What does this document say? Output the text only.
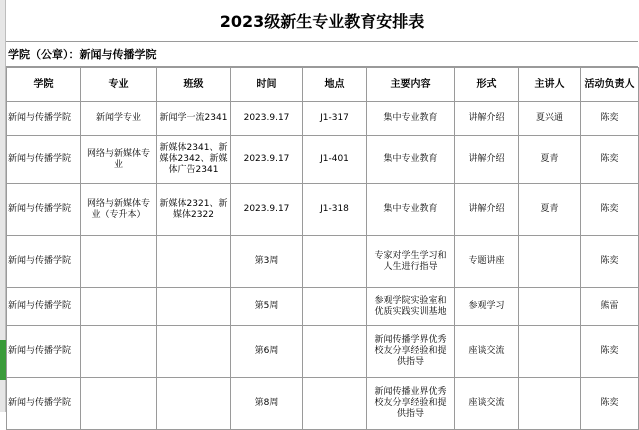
2023级新生专业教育安排表
学院（公章）： 新闻与传播学院
学院	专业	班级	时间	地点	主要内容	形式	主讲人	活动负责人
新闻与传播学院	新闻学专业	新闻学一流2341	2023.9.17	J1-317	集中专业教育	讲解介绍	夏兴通	陈奕
新闻与传播学院	网络与新媒体专业	新媒体2341、新媒体2342、新媒体广告2341	2023.9.17	J1-401	集中专业教育	讲解介绍	夏青	陈奕
新闻与传播学院	网络与新媒体专业（专升本）	新媒体2321、新媒体2322	2023.9.17	J1-318	集中专业教育	讲解介绍	夏青	陈奕
新闻与传播学院			第3周		专家对学生学习和人生进行指导	专题讲座		陈奕
新闻与传播学院			第5周		参观学院实验室和优质实践实训基地	参观学习		熊雷
新闻与传播学院			第6周		新闻传播学界优秀校友分享经验和提供指导	座谈交流		陈奕
新闻与传播学院			第8周		新闻传播业界优秀校友分享经验和提供指导	座谈交流		陈奕
